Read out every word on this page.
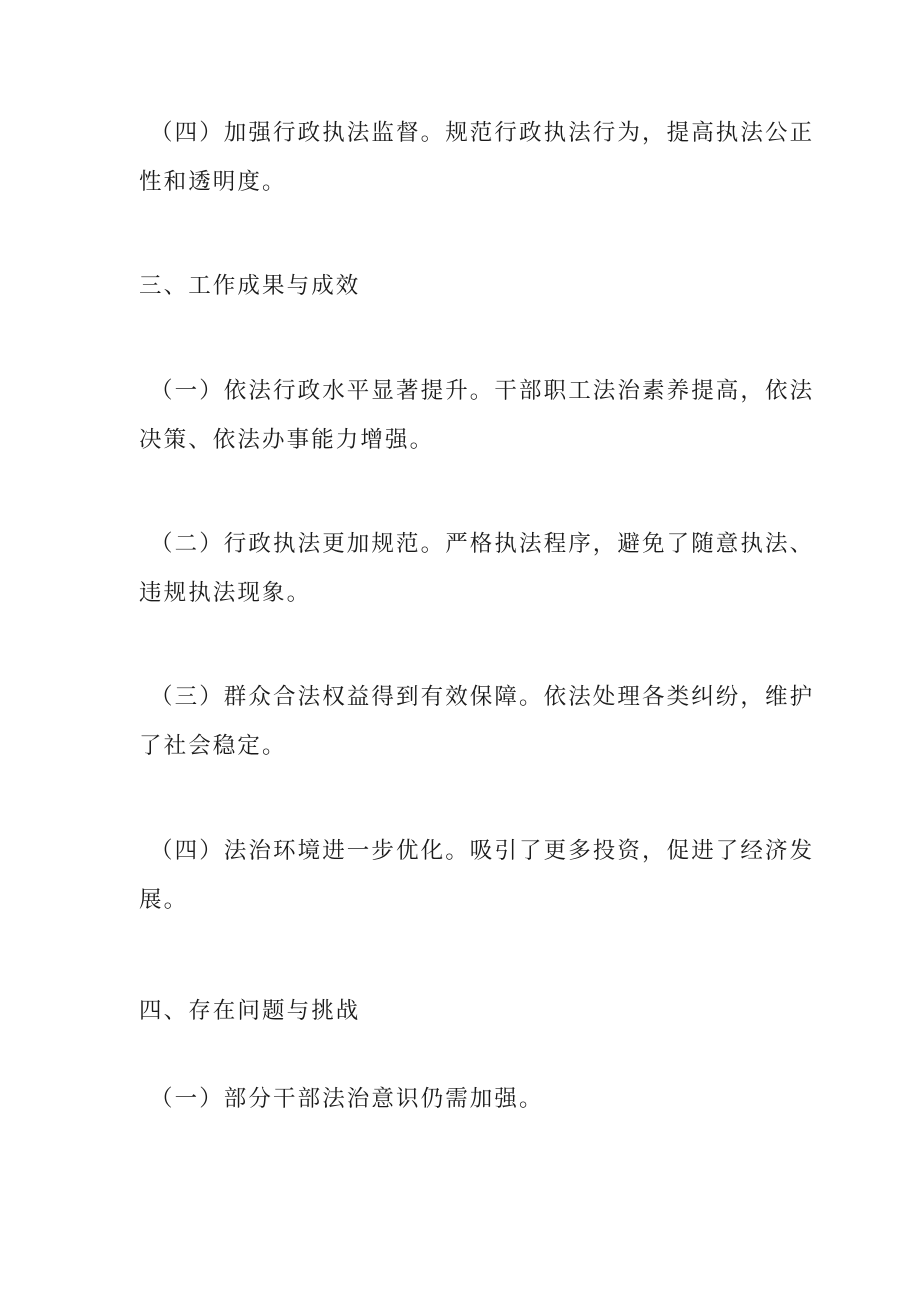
（四）加强行政执法监督。规范行政执法行为，提高执法公正
性和透明度。
三、工作成果与成效
（一）依法行政水平显著提升。干部职工法治素养提高，依法
决策、依法办事能力增强。
（二）行政执法更加规范。严格执法程序，避免了随意执法、
违规执法现象。
（三）群众合法权益得到有效保障。依法处理各类纠纷，维护
了社会稳定。
（四）法治环境进一步优化。吸引了更多投资，促进了经济发
展。
四、存在问题与挑战
（一）部分干部法治意识仍需加强。
